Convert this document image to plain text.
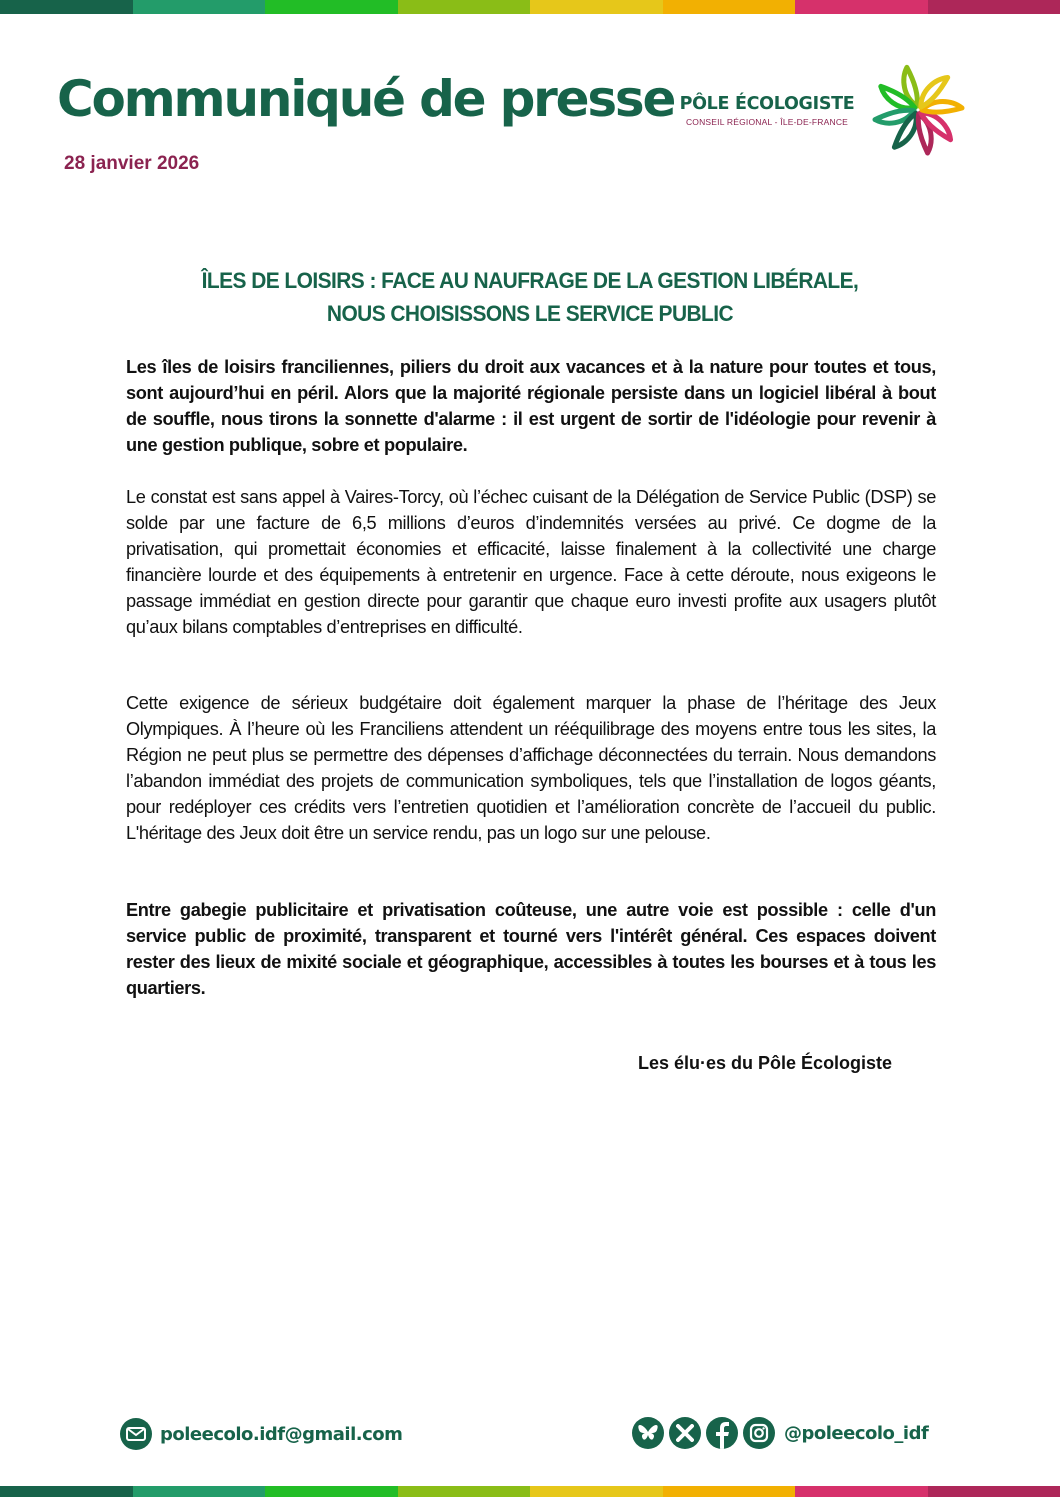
Communiqué de presse
28 janvier 2026
PÔLE ÉCOLOGISTE
CONSEIL RÉGIONAL - ÎLE-DE-FRANCE
ÎLES DE LOISIRS : FACE AU NAUFRAGE DE LA GESTION LIBÉRALE,
NOUS CHOISISSONS LE SERVICE PUBLIC

Les îles de loisirs franciliennes, piliers du droit aux vacances et à la nature pour toutes et tous, sont aujourd’hui en péril. Alors que la majorité régionale persiste dans un logiciel libéral à bout de souffle, nous tirons la sonnette d'alarme : il est urgent de sortir de l'idéologie pour revenir à une gestion publique, sobre et populaire.

Le constat est sans appel à Vaires-Torcy, où l’échec cuisant de la Délégation de Service Public (DSP) se solde par une facture de 6,5 millions d’euros d’indemnités versées au privé. Ce dogme de la privatisation, qui promettait économies et efficacité, laisse finalement à la collectivité une charge financière lourde et des équipements à entretenir en urgence. Face à cette déroute, nous exigeons le passage immédiat en gestion directe pour garantir que chaque euro investi profite aux usagers plutôt qu’aux bilans comptables d’entreprises en difficulté.

Cette exigence de sérieux budgétaire doit également marquer la phase de l’héritage des Jeux Olympiques. À l’heure où les Franciliens attendent un rééquilibrage des moyens entre tous les sites, la Région ne peut plus se permettre des dépenses d’affichage déconnectées du terrain. Nous demandons l’abandon immédiat des projets de communication symboliques, tels que l’installation de logos géants, pour redéployer ces crédits vers l’entretien quotidien et l’amélioration concrète de l’accueil du public. L'héritage des Jeux doit être un service rendu, pas un logo sur une pelouse.

Entre gabegie publicitaire et privatisation coûteuse, une autre voie est possible : celle d'un service public de proximité, transparent et tourné vers l'intérêt général. Ces espaces doivent rester des lieux de mixité sociale et géographique, accessibles à toutes les bourses et à tous les quartiers.

Les élu·es du Pôle Écologiste
poleecolo.idf@gmail.com	@poleecolo_idf
